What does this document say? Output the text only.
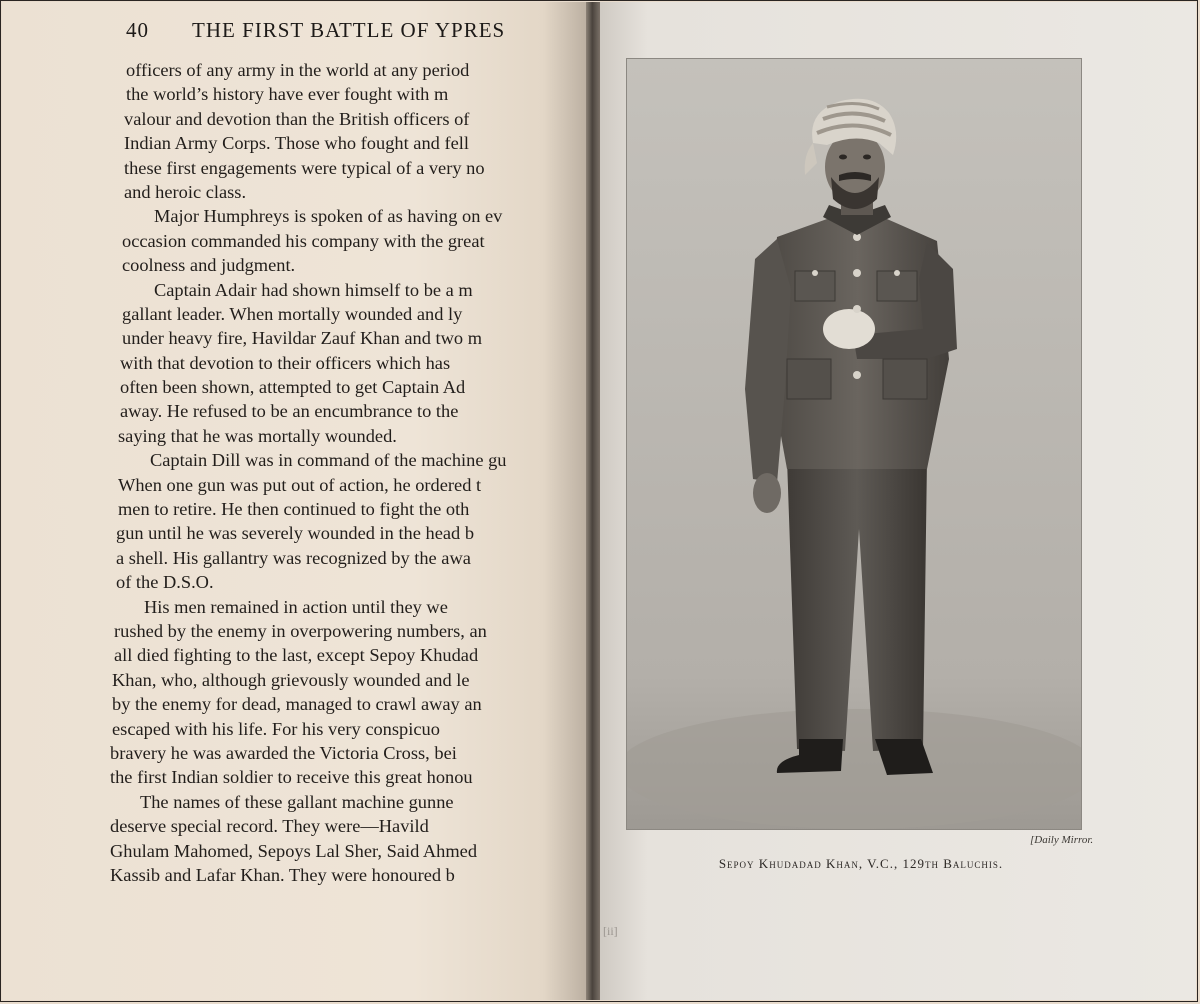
40 THE FIRST BATTLE OF YPRES
officers of any army in the world at any period
the world’s history have ever fought with m
valour and devotion than the British officers of
Indian Army Corps. Those who fought and fell
these first engagements were typical of a very no
and heroic class.
Major Humphreys is spoken of as having on ev
occasion commanded his company with the great
coolness and judgment.
Captain Adair had shown himself to be a m
gallant leader. When mortally wounded and ly
under heavy fire, Havildar Zauf Khan and two m
with that devotion to their officers which has
often been shown, attempted to get Captain Ad
away. He refused to be an encumbrance to the
saying that he was mortally wounded.
Captain Dill was in command of the machine gu
When one gun was put out of action, he ordered t
men to retire. He then continued to fight the oth
gun until he was severely wounded in the head b
a shell. His gallantry was recognized by the awa
of the D.S.O.
His men remained in action until they we
rushed by the enemy in overpowering numbers, an
all died fighting to the last, except Sepoy Khudad
Khan, who, although grievously wounded and le
by the enemy for dead, managed to crawl away an
escaped with his life. For his very conspicuo
bravery he was awarded the Victoria Cross, bei
the first Indian soldier to receive this great honou
The names of these gallant machine gunne
deserve special record. They were—Havild
Ghulam Mahomed, Sepoys Lal Sher, Said Ahmed
Kassib and Lafar Khan. They were honoured b
[Daily Mirror.
Sepoy Khudadad Khan, V.C., 129th Baluchis.
[ii]
